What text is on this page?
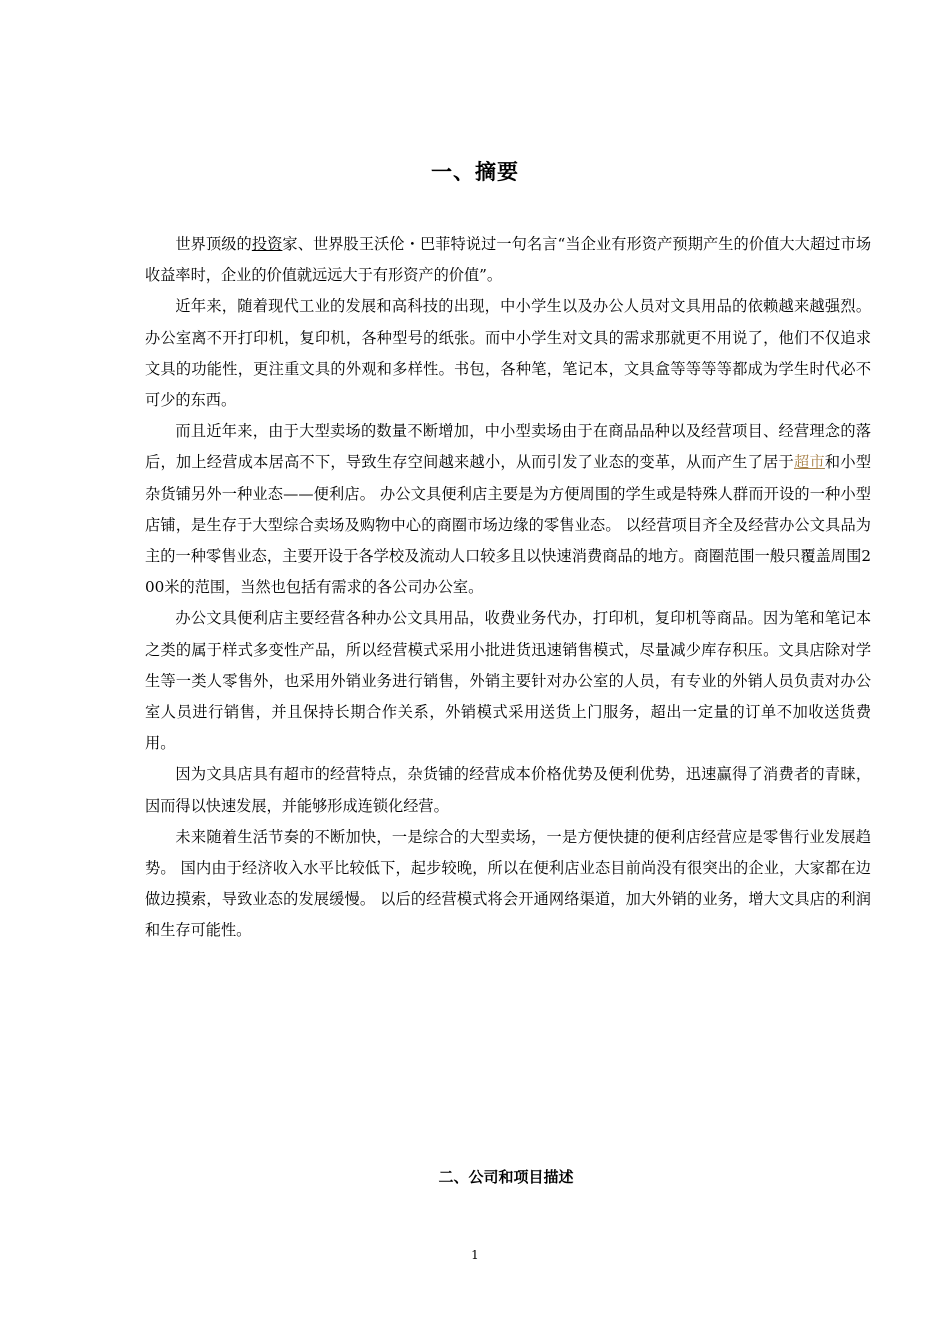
一、摘要

世界顶级的投资家、世界股王沃伦・巴菲特说过一句名言“当企业有形资产预期产生的价值大大超过市场收益率时，企业的价值就远远大于有形资产的价值”。

近年来，随着现代工业的发展和高科技的出现，中小学生以及办公人员对文具用品的依赖越来越强烈。办公室离不开打印机，复印机，各种型号的纸张。而中小学生对文具的需求那就更不用说了，他们不仅追求文具的功能性，更注重文具的外观和多样性。书包，各种笔，笔记本，文具盒等等等等都成为学生时代必不可少的东西。

而且近年来，由于大型卖场的数量不断增加，中小型卖场由于在商品品种以及经营项目、经营理念的落后，加上经营成本居高不下，导致生存空间越来越小，从而引发了业态的变革，从而产生了居于超市和小型杂货铺另外一种业态——便利店。 办公文具便利店主要是为方便周围的学生或是特殊人群而开设的一种小型店铺，是生存于大型综合卖场及购物中心的商圈市场边缘的零售业态。 以经营项目齐全及经营办公文具品为主的一种零售业态，主要开设于各学校及流动人口较多且以快速消费商品的地方。商圈范围一般只覆盖周围200米的范围，当然也包括有需求的各公司办公室。

办公文具便利店主要经营各种办公文具用品，收费业务代办，打印机，复印机等商品。因为笔和笔记本之类的属于样式多变性产品，所以经营模式采用小批进货迅速销售模式，尽量减少库存积压。文具店除对学生等一类人零售外，也采用外销业务进行销售，外销主要针对办公室的人员，有专业的外销人员负责对办公室人员进行销售，并且保持长期合作关系，外销模式采用送货上门服务，超出一定量的订单不加收送货费用。

因为文具店具有超市的经营特点，杂货铺的经营成本价格优势及便利优势，迅速赢得了消费者的青睐，因而得以快速发展，并能够形成连锁化经营。

未来随着生活节奏的不断加快，一是综合的大型卖场，一是方便快捷的便利店经营应是零售行业发展趋势。 国内由于经济收入水平比较低下，起步较晚，所以在便利店业态目前尚没有很突出的企业，大家都在边做边摸索，导致业态的发展缓慢。 以后的经营模式将会开通网络渠道，加大外销的业务，增大文具店的利润和生存可能性。

二、公司和项目描述
1
